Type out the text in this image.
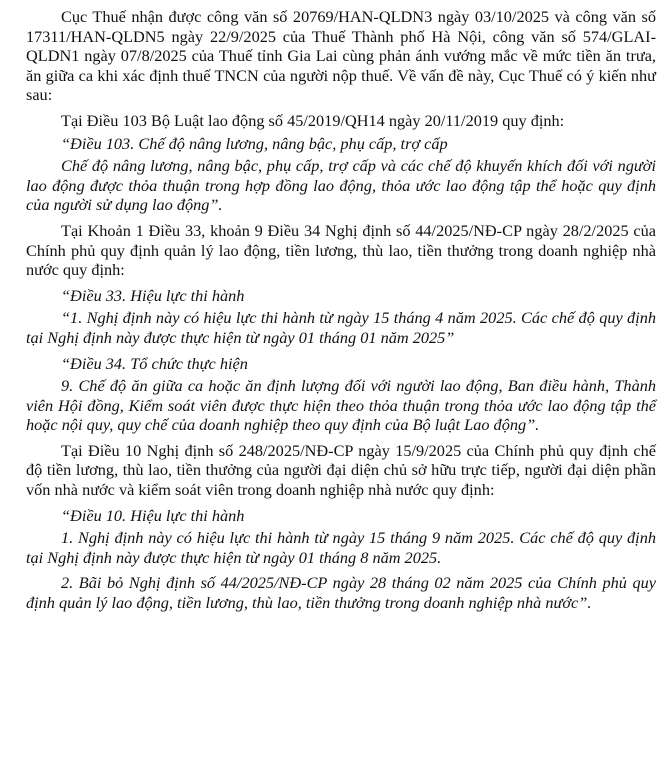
Cục Thuế nhận được công văn số 20769/HAN-QLDN3 ngày 03/10/2025 và công văn số 17311/HAN-QLDN5 ngày 22/9/2025 của Thuế Thành phố Hà Nội, công văn số 574/GLAI-QLDN1 ngày 07/8/2025 của Thuế tỉnh Gia Lai cùng phản ánh vướng mắc về mức tiền ăn trưa, ăn giữa ca khi xác định thuế TNCN của người nộp thuế. Về vấn đề này, Cục Thuế có ý kiến như sau:

Tại Điều 103 Bộ Luật lao động số 45/2019/QH14 ngày 20/11/2019 quy định:

“Điều 103. Chế độ nâng lương, nâng bậc, phụ cấp, trợ cấp

Chế độ nâng lương, nâng bậc, phụ cấp, trợ cấp và các chế độ khuyến khích đối với người lao động được thỏa thuận trong hợp đồng lao động, thỏa ước lao động tập thể hoặc quy định của người sử dụng lao động”.

Tại Khoản 1 Điều 33, khoản 9 Điều 34 Nghị định số 44/2025/NĐ-CP ngày 28/2/2025 của Chính phủ quy định quản lý lao động, tiền lương, thù lao, tiền thưởng trong doanh nghiệp nhà nước quy định:

“Điều 33. Hiệu lực thi hành

“1. Nghị định này có hiệu lực thi hành từ ngày 15 tháng 4 năm 2025. Các chế độ quy định tại Nghị định này được thực hiện từ ngày 01 tháng 01 năm 2025”

“Điều 34. Tổ chức thực hiện

9. Chế độ ăn giữa ca hoặc ăn định lượng đối với người lao động, Ban điều hành, Thành viên Hội đồng, Kiểm soát viên được thực hiện theo thỏa thuận trong thỏa ước lao động tập thể hoặc nội quy, quy chế của doanh nghiệp theo quy định của Bộ luật Lao động”.

Tại Điều 10 Nghị định số 248/2025/NĐ-CP ngày 15/9/2025 của Chính phủ quy định chế độ tiền lương, thù lao, tiền thưởng của người đại diện chủ sở hữu trực tiếp, người đại diện phần vốn nhà nước và kiểm soát viên trong doanh nghiệp nhà nước quy định:

“Điều 10. Hiệu lực thi hành

1. Nghị định này có hiệu lực thi hành từ ngày 15 tháng 9 năm 2025. Các chế độ quy định tại Nghị định này được thực hiện từ ngày 01 tháng 8 năm 2025.

2. Bãi bỏ Nghị định số 44/2025/NĐ-CP ngày 28 tháng 02 năm 2025 của Chính phủ quy định quản lý lao động, tiền lương, thù lao, tiền thưởng trong doanh nghiệp nhà nước”.
